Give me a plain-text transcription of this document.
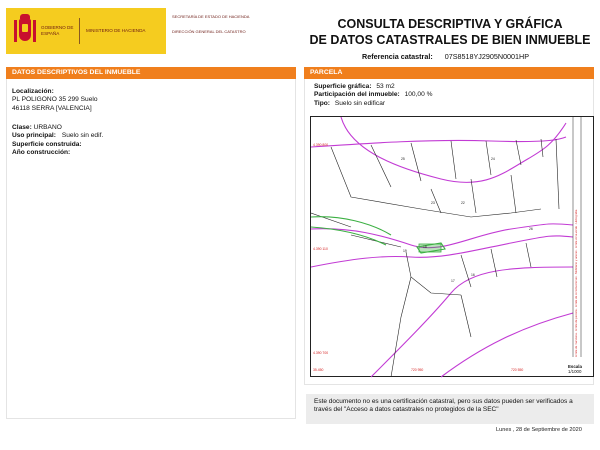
GOBIERNO DE ESPAÑA
MINISTERIO DE HACIENDA
SECRETARÍA DE ESTADO DE HACIENDA
DIRECCIÓN GENERAL DEL CATASTRO
CONSULTA DESCRIPTIVA Y GRÁFICA
DE DATOS CATASTRALES DE BIEN INMUEBLE
Referencia catastral: 07S8518YJ2905N0001HP
DATOS DESCRIPTIVOS DEL INMUEBLE
Localización:
PL POLIGONO 35 299 Suelo
46118 SERRA [VALENCIA]
Clase: URBANO
Uso principal: Suelo sin edif.
Superficie construida:
Año construcción:
PARCELA
Superficie gráfica: 53 m2
Participación del inmueble: 100,00 %
Tipo: Suelo sin edificar
4.390 800
4.390 110
4.390 700
35.450	720 950	720 550
19
18
17
16
22
23
24
25
26	Limite de manzana · Limite de parcela · Limite de construcciones · Mobiliario y aceras · Limite zona verde · Hidrografía
Escala
1/1000
Este documento no es una certificación catastral, pero sus datos pueden ser verificados a través del "Acceso a datos catastrales no protegidos de la SEC"
Lunes , 28 de Septiembre de 2020
